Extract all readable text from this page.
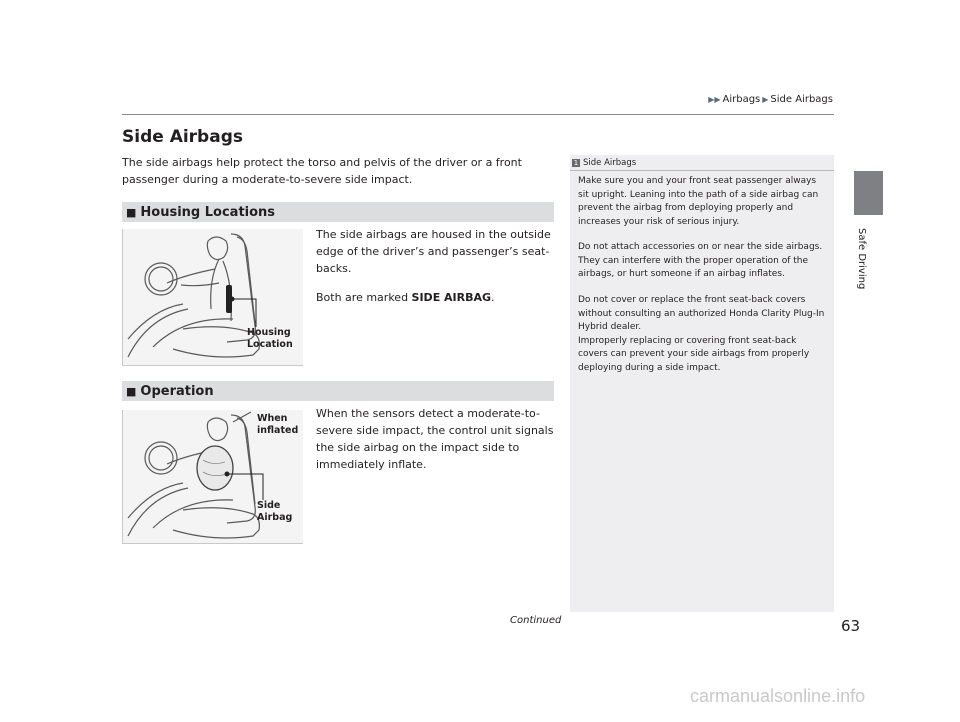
▶▶ Airbags ▶ Side Airbags
Safe Driving
Side Airbags
The side airbags help protect the torso and pelvis of the driver or a front passenger during a moderate-to-severe side impact.
■ Housing Locations
Housing
Location
The side airbags are housed in the outside edge of the driver’s and passenger’s seat-backs.
Both are marked SIDE AIRBAG.
■ Operation
When
inflated
Side
Airbag
When the sensors detect a moderate-to-severe side impact, the control unit signals the side airbag on the impact side to immediately inflate.
1 Side Airbags
Make sure you and your front seat passenger always sit upright. Leaning into the path of a side airbag can prevent the airbag from deploying properly and increases your risk of serious injury.
Do not attach accessories on or near the side airbags. They can interfere with the proper operation of the airbags, or hurt someone if an airbag inflates.
Do not cover or replace the front seat-back covers without consulting an authorized Honda Clarity Plug-In Hybrid dealer.
Improperly replacing or covering front seat-back covers can prevent your side airbags from properly deploying during a side impact.
Continued	63
carmanualsonline.info
